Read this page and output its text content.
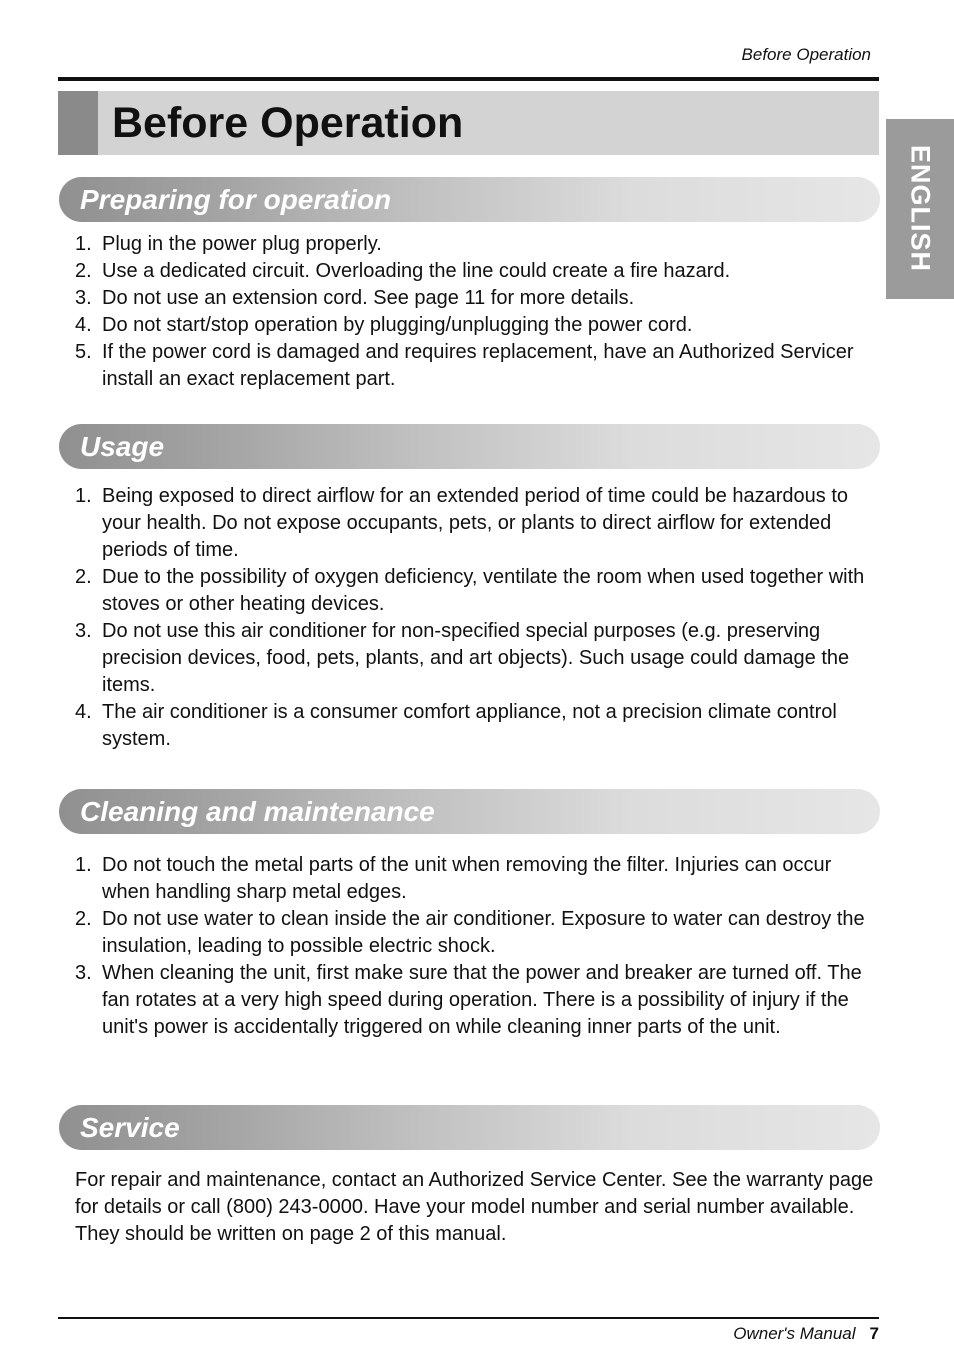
Before Operation
Before Operation
ENGLISH
Preparing for operation
1. Plug in the power plug properly.
2. Use a dedicated circuit. Overloading the line could create a fire hazard.
3. Do not use an extension cord. See page 11 for more details.
4. Do not start/stop operation by plugging/unplugging the power cord.
5. If the power cord is damaged and requires replacement, have an Authorized Servicer install an exact replacement part.
Usage
1. Being exposed to direct airflow for an extended period of time could be hazardous to your health. Do not expose occupants, pets, or plants to direct airflow for extended periods of time.
2. Due to the possibility of oxygen deficiency, ventilate the room when used together with stoves or other heating devices.
3. Do not use this air conditioner for non-specified special purposes (e.g. preserving precision devices, food, pets, plants, and art objects). Such usage could damage the items.
4. The air conditioner is a consumer comfort appliance, not a precision climate control system.
Cleaning and maintenance
1. Do not touch the metal parts of the unit when removing the filter. Injuries can occur when handling sharp metal edges.
2. Do not use water to clean inside the air conditioner. Exposure to water can destroy the insulation, leading to possible electric shock.
3. When cleaning the unit, first make sure that the power and breaker are turned off. The fan rotates at a very high speed during operation. There is a possibility of injury if the unit's power is accidentally triggered on while cleaning inner parts of the unit.
Service

For repair and maintenance, contact an Authorized Service Center. See the warranty page for details or call (800) 243-0000. Have your model number and serial number available. They should be written on page 2 of this manual.

Owner's Manual 7
